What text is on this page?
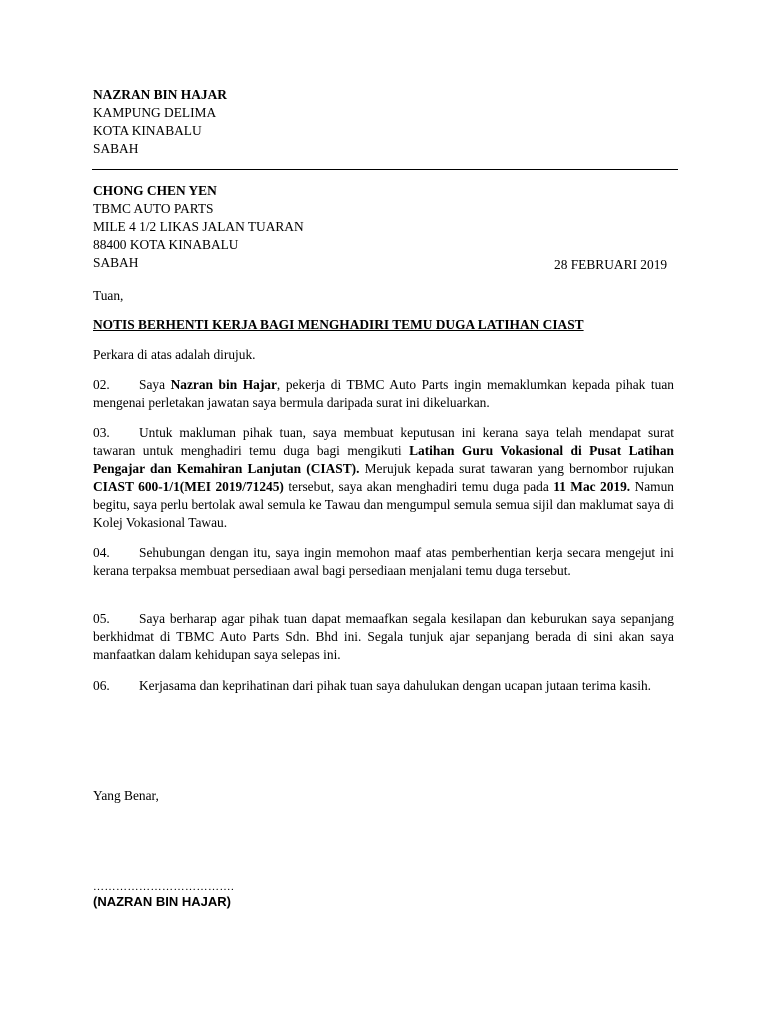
NAZRAN BIN HAJAR
KAMPUNG DELIMA
KOTA KINABALU
SABAH
CHONG CHEN YEN
TBMC AUTO PARTS
MILE 4 1/2 LIKAS JALAN TUARAN
88400 KOTA KINABALU
SABAH	28 FEBRUARI 2019
Tuan,
NOTIS BERHENTI KERJA BAGI MENGHADIRI TEMU DUGA LATIHAN CIAST
Perkara di atas adalah dirujuk.
02. Saya Nazran bin Hajar, pekerja di TBMC Auto Parts ingin memaklumkan kepada pihak tuan mengenai perletakan jawatan saya bermula daripada surat ini dikeluarkan.
03. Untuk makluman pihak tuan, saya membuat keputusan ini kerana saya telah mendapat surat tawaran untuk menghadiri temu duga bagi mengikuti Latihan Guru Vokasional di Pusat Latihan Pengajar dan Kemahiran Lanjutan (CIAST). Merujuk kepada surat tawaran yang bernombor rujukan CIAST 600-1/1(MEI 2019/71245) tersebut, saya akan menghadiri temu duga pada 11 Mac 2019. Namun begitu, saya perlu bertolak awal semula ke Tawau dan mengumpul semula semua sijil dan maklumat saya di Kolej Vokasional Tawau.
04. Sehubungan dengan itu, saya ingin memohon maaf atas pemberhentian kerja secara mengejut ini kerana terpaksa membuat persediaan awal bagi persediaan menjalani temu duga tersebut.
05. Saya berharap agar pihak tuan dapat memaafkan segala kesilapan dan keburukan saya sepanjang berkhidmat di TBMC Auto Parts Sdn. Bhd ini. Segala tunjuk ajar sepanjang berada di sini akan saya manfaatkan dalam kehidupan saya selepas ini.
06. Kerjasama dan keprihatinan dari pihak tuan saya dahulukan dengan ucapan jutaan terima kasih.
Yang Benar,
……………………………….
(NAZRAN BIN HAJAR)
